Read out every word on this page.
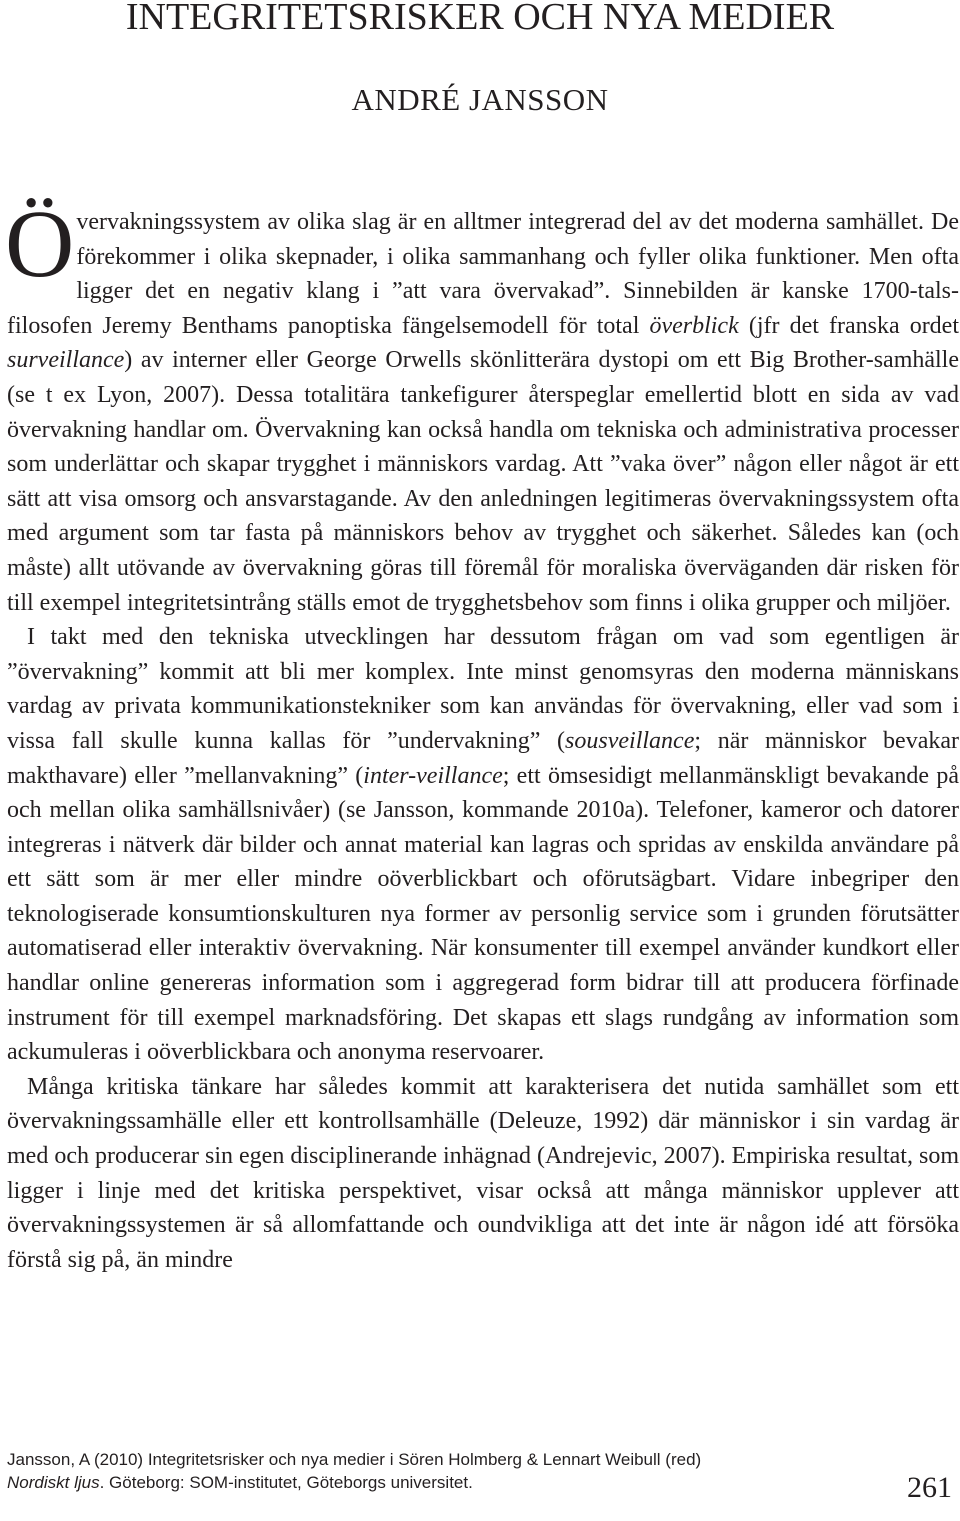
INTEGRITETSRISKER OCH NYA MEDIER
ANDRÉ JANSSON

Övervakningssystem av olika slag är en alltmer integrerad del av det moderna samhället. De förekommer i olika skepnader, i olika sammanhang och fyller olika funktioner. Men ofta ligger det en negativ klang i ”att vara övervakad”. Sinnebilden är kanske 1700-tals-filosofen Jeremy Benthams panoptiska fängelsemodell för total överblick (jfr det franska ordet surveillance) av interner eller George Orwells skönlitterära dystopi om ett Big Brother-samhälle (se t ex Lyon, 2007). Dessa totalitära tankefigurer återspeglar emellertid blott en sida av vad övervakning handlar om. Övervakning kan också handla om tekniska och administrativa processer som underlättar och skapar trygghet i människors vardag. Att ”vaka över” någon eller något är ett sätt att visa omsorg och ansvarstagande. Av den anledningen legitimeras övervakningssystem ofta med argument som tar fasta på människors behov av trygghet och säkerhet. Således kan (och måste) allt utövande av övervakning göras till föremål för moraliska överväganden där risken för till exempel integritetsintrång ställs emot de trygghetsbehov som finns i olika grupper och miljöer.

I takt med den tekniska utvecklingen har dessutom frågan om vad som egentligen är ”övervakning” kommit att bli mer komplex. Inte minst genomsyras den moderna människans vardag av privata kommunikationstekniker som kan användas för övervakning, eller vad som i vissa fall skulle kunna kallas för ”undervakning” (sousveillance; när människor bevakar makthavare) eller ”mellanvakning” (inter-veillance; ett ömsesidigt mellanmänskligt bevakande på och mellan olika samhällsnivåer) (se Jansson, kommande 2010a). Telefoner, kameror och datorer integreras i nätverk där bilder och annat material kan lagras och spridas av enskilda användare på ett sätt som är mer eller mindre oöverblickbart och oförutsägbart. Vidare inbegriper den teknologiserade konsumtionskulturen nya former av personlig service som i grunden förutsätter automatiserad eller interaktiv övervakning. När konsumenter till exempel använder kundkort eller handlar online genereras information som i aggregerad form bidrar till att producera förfinade instrument för till exempel marknadsföring. Det skapas ett slags rundgång av information som ackumuleras i oöverblickbara och anonyma reservoarer.

Många kritiska tänkare har således kommit att karakterisera det nutida samhället som ett övervakningssamhälle eller ett kontrollsamhälle (Deleuze, 1992) där människor i sin vardag är med och producerar sin egen disciplinerande inhägnad (Andrejevic, 2007). Empiriska resultat, som ligger i linje med det kritiska perspektivet, visar också att många människor upplever att övervakningssystemen är så allomfattande och oundvikliga att det inte är någon idé att försöka förstå sig på, än mindre

Jansson, A (2010) Integritetsrisker och nya medier i Sören Holmberg & Lennart Weibull (red)
Nordiskt ljus. Göteborg: SOM-institutet, Göteborgs universitet.	261
